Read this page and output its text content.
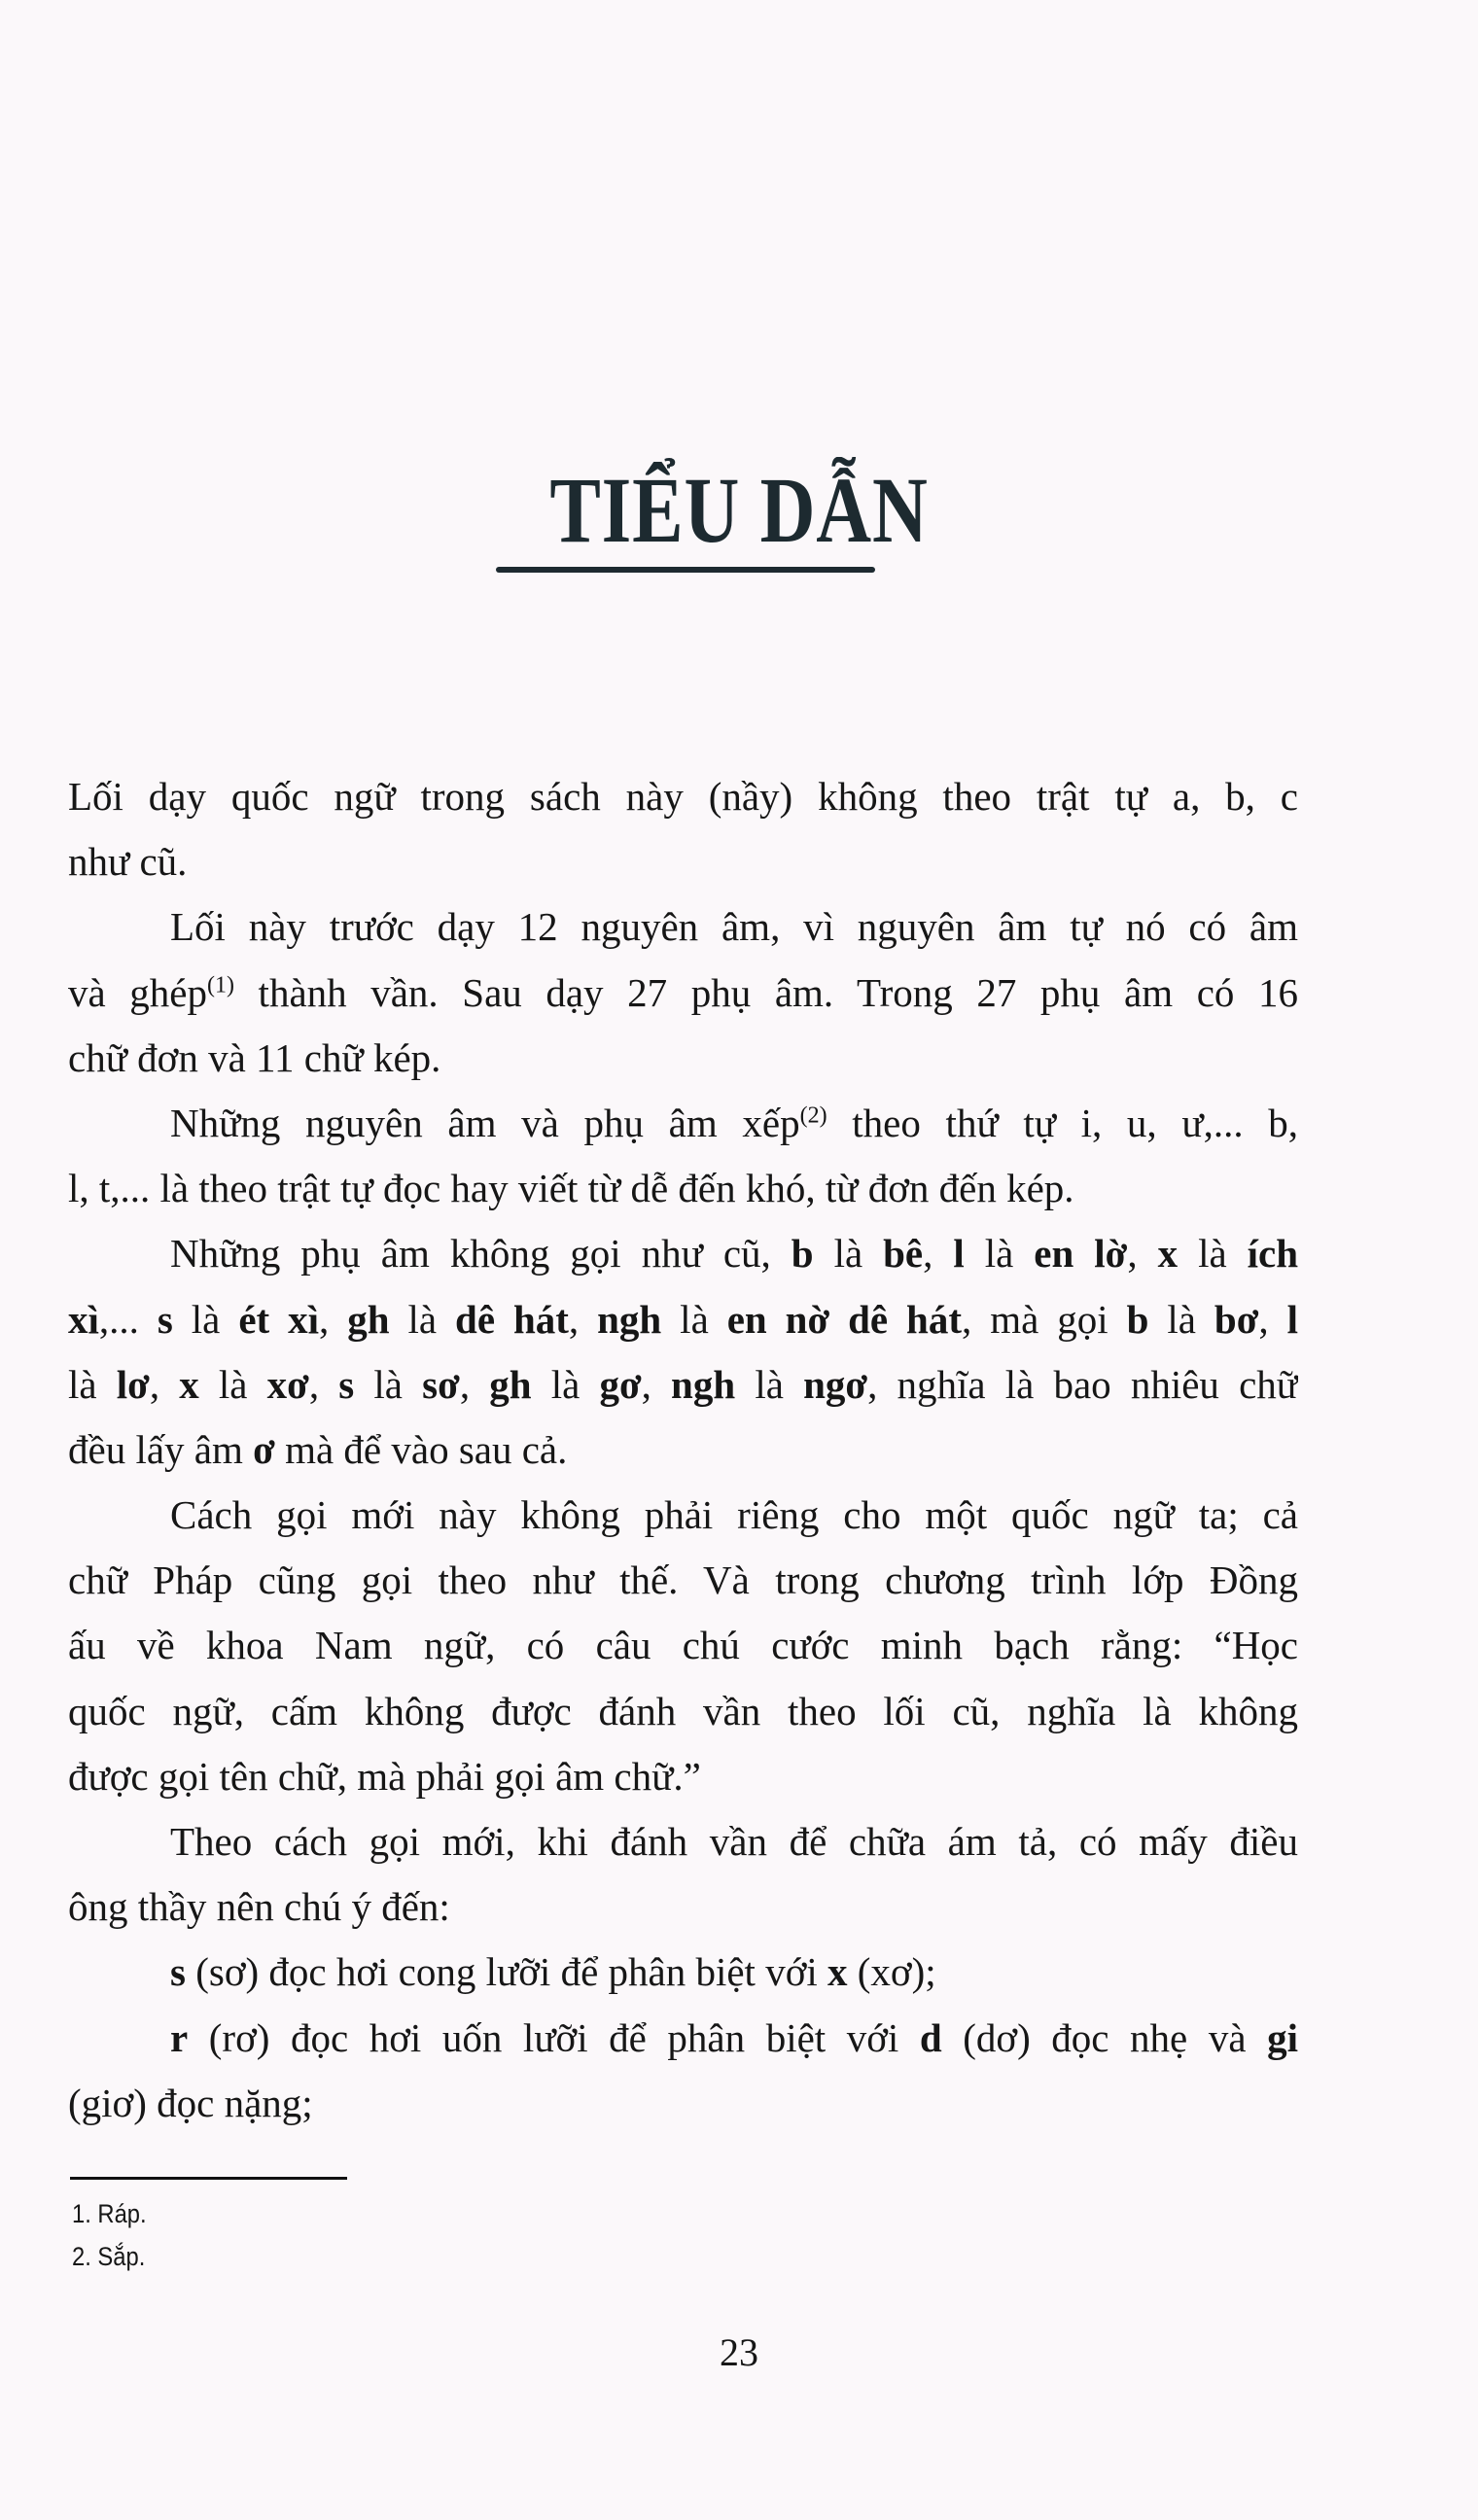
TIỂU DẪN
Lối dạy quốc ngữ trong sách này (nầy) không theo trật tự a, b, c
như cũ.
Lối này trước dạy 12 nguyên âm, vì nguyên âm tự nó có âm
và ghép$^{(1)}$ thành vần. Sau dạy 27 phụ âm. Trong 27 phụ âm có 16
chữ đơn và 11 chữ kép.
Những nguyên âm và phụ âm xếp$^{(2)}$ theo thứ tự i, u, ư,... b,
l, t,... là theo trật tự đọc hay viết từ dễ đến khó, từ đơn đến kép.
Những phụ âm không gọi như cũ, b là bê, l là en lờ, x là ích
xì,... s là ét xì, gh là dê hát, ngh là en nờ dê hát, mà gọi b là bơ, l
là lơ, x là xơ, s là sơ, gh là gơ, ngh là ngơ, nghĩa là bao nhiêu chữ
đều lấy âm ơ mà để vào sau cả.
Cách gọi mới này không phải riêng cho một quốc ngữ ta; cả
chữ Pháp cũng gọi theo như thế. Và trong chương trình lớp Đồng
ấu về khoa Nam ngữ, có câu chú cước minh bạch rằng: “Học
quốc ngữ, cấm không được đánh vần theo lối cũ, nghĩa là không
được gọi tên chữ, mà phải gọi âm chữ.”
Theo cách gọi mới, khi đánh vần để chữa ám tả, có mấy điều
ông thầy nên chú ý đến:
s (sơ) đọc hơi cong lưỡi để phân biệt với x (xơ);
r (rơ) đọc hơi uốn lưỡi để phân biệt với d (dơ) đọc nhẹ và gi
(giơ) đọc nặng;
1. Ráp.
2. Sắp.
23
